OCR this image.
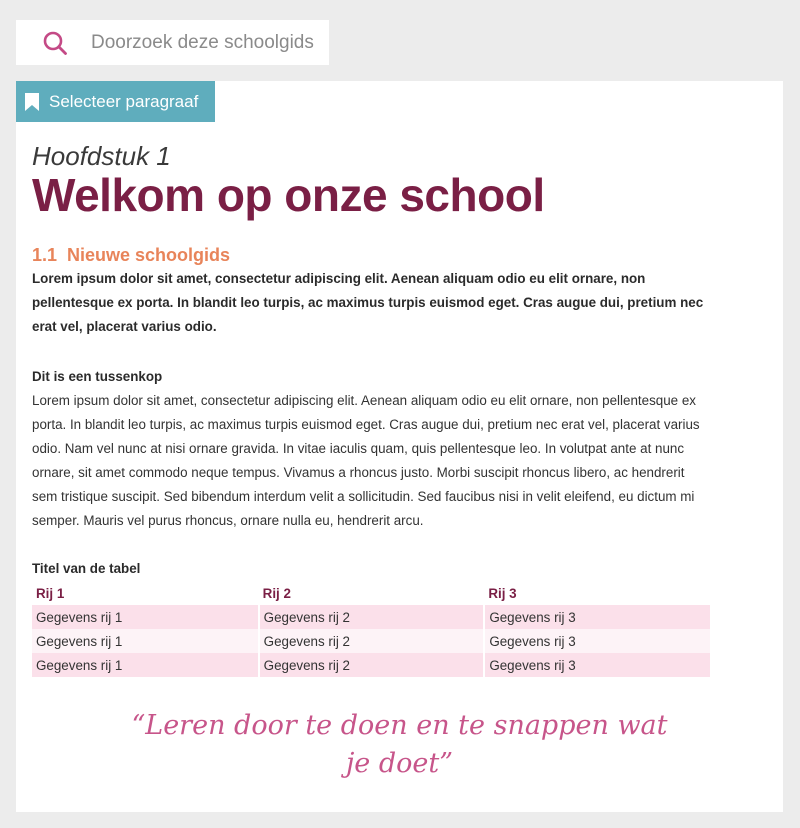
Doorzoek deze schoolgids
Selecteer paragraaf

Hoofdstuk 1

Welkom op onze school
1.1 Nieuwe schoolgids

Lorem ipsum dolor sit amet, consectetur adipiscing elit. Aenean aliquam odio eu elit ornare, non pellentesque ex porta. In blandit leo turpis, ac maximus turpis euismod eget. Cras augue dui, pretium nec erat vel, placerat varius odio.

Dit is een tussenkop

Lorem ipsum dolor sit amet, consectetur adipiscing elit. Aenean aliquam odio eu elit ornare, non pellentesque ex porta. In blandit leo turpis, ac maximus turpis euismod eget. Cras augue dui, pretium nec erat vel, placerat varius odio. Nam vel nunc at nisi ornare gravida. In vitae iaculis quam, quis pellentesque leo. In volutpat ante at nunc ornare, sit amet commodo neque tempus. Vivamus a rhoncus justo. Morbi suscipit rhoncus libero, ac hendrerit sem tristique suscipit. Sed bibendum interdum velit a sollicitudin. Sed faucibus nisi in velit eleifend, eu dictum mi semper. Mauris vel purus rhoncus, ornare nulla eu, hendrerit arcu.

Titel van de tabel

Rij 1	Rij 2	Rij 3
Gegevens rij 1	Gegevens rij 2	Gegevens rij 3
Gegevens rij 1	Gegevens rij 2	Gegevens rij 3
Gegevens rij 1	Gegevens rij 2	Gegevens rij 3
“Leren door te doen en te snappen wat
je doet”
